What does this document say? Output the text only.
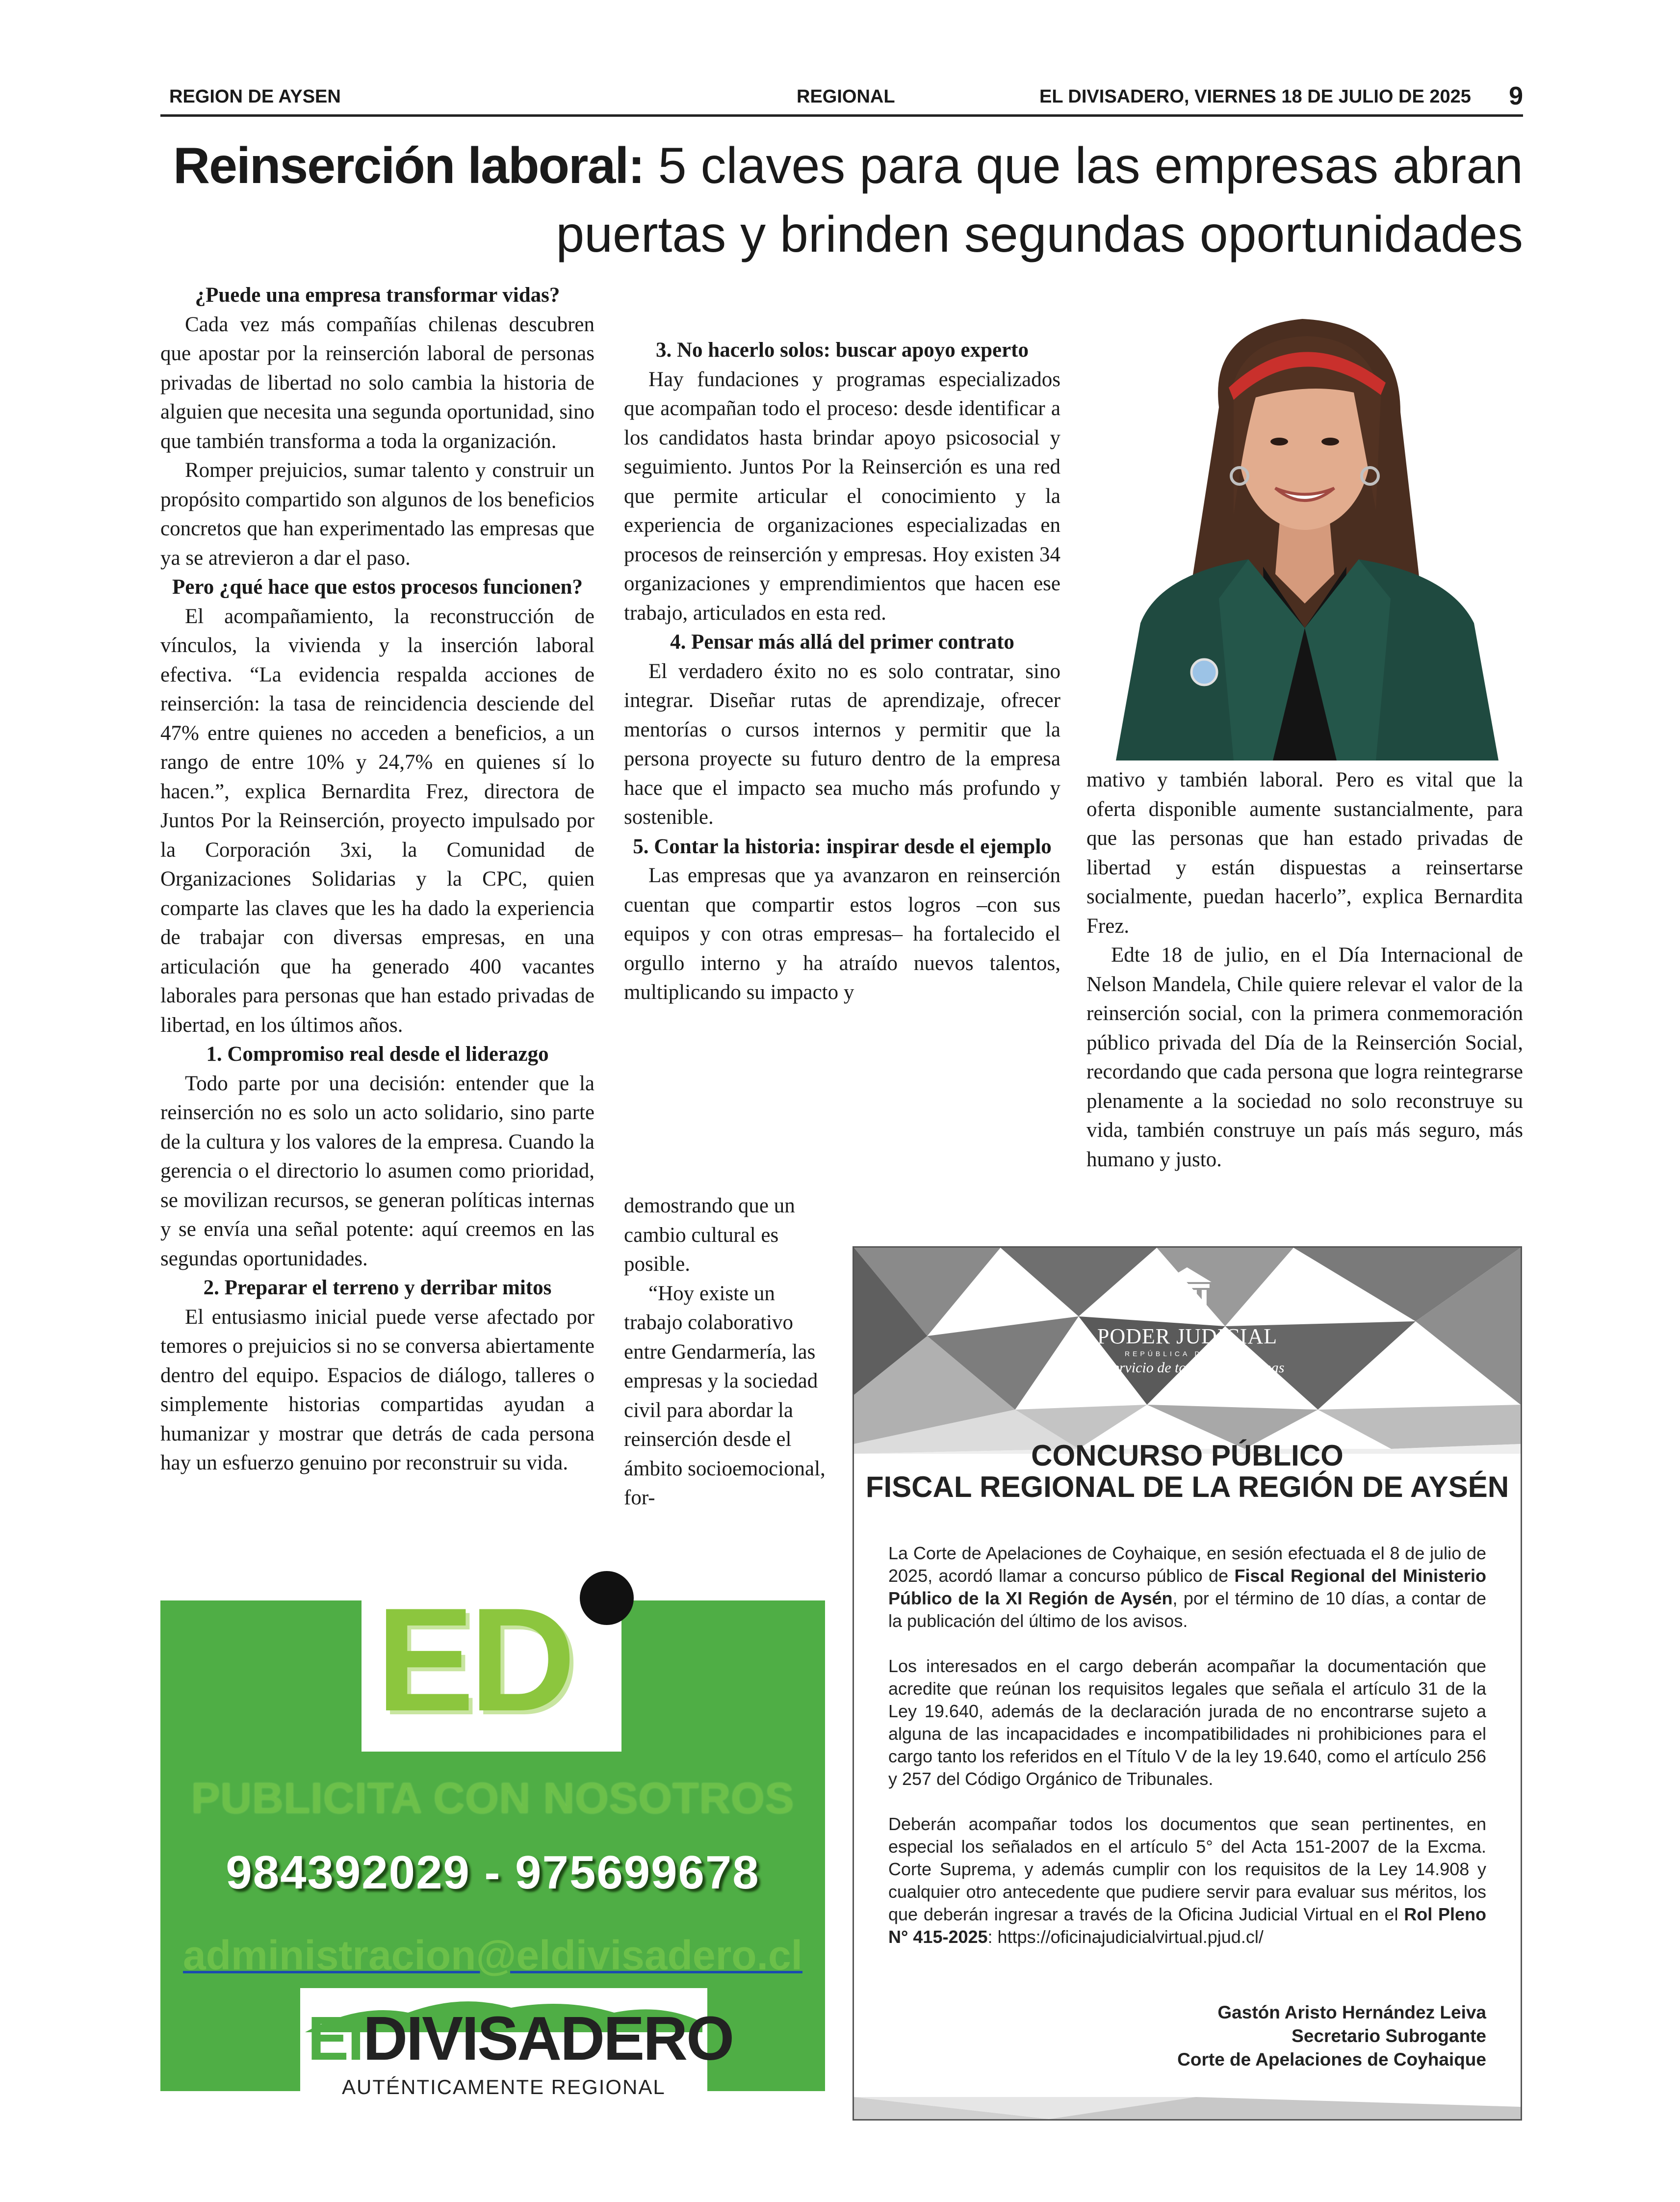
REGION DE AYSEN	REGIONAL	EL DIVISADERO, VIERNES 18 DE JULIO DE 2025 9
Reinserción laboral: 5 claves para que las empresas abran puertas y brinden segundas oportunidades
¿Puede una empresa transformar vidas?

Cada vez más compañías chilenas descubren que apostar por la reinserción laboral de personas privadas de libertad no solo cambia la historia de alguien que necesita una segunda oportunidad, sino que también transforma a toda la organización.

Romper prejuicios, sumar talento y construir un propósito compartido son algunos de los beneficios concretos que han experimentado las empresas que ya se atrevieron a dar el paso.

Pero ¿qué hace que estos procesos funcionen?

El acompañamiento, la reconstrucción de vínculos, la vivienda y la inserción laboral efectiva. “La evidencia respalda acciones de reinserción: la tasa de reincidencia desciende del 47% entre quienes no acceden a beneficios, a un rango de entre 10% y 24,7% en quienes sí lo hacen.”, explica Bernardita Frez, directora de Juntos Por la Reinserción, proyecto impulsado por la Corporación 3xi, la Comunidad de Organizaciones Solidarias y la CPC, quien comparte las claves que les ha dado la experiencia de trabajar con diversas empresas, en una articulación que ha generado 400 vacantes laborales para personas que han estado privadas de libertad, en los últimos años.

1. Compromiso real desde el liderazgo

Todo parte por una decisión: entender que la reinserción no es solo un acto solidario, sino parte de la cultura y los valores de la empresa. Cuando la gerencia o el directorio lo asumen como prioridad, se movilizan recursos, se generan políticas internas y se envía una señal potente: aquí creemos en las segundas oportunidades.

2. Preparar el terreno y derribar mitos

El entusiasmo inicial puede verse afectado por temores o prejuicios si no se conversa abiertamente dentro del equipo. Espacios de diálogo, talleres o simplemente historias compartidas ayudan a humanizar y mostrar que detrás de cada persona hay un esfuerzo genuino por reconstruir su vida.

3. No hacerlo solos: buscar apoyo experto

Hay fundaciones y programas especializados que acompañan todo el proceso: desde identificar a los candidatos hasta brindar apoyo psicosocial y seguimiento. Juntos Por la Reinserción es una red que permite articular el conocimiento y la experiencia de organizaciones especializadas en procesos de reinserción y empresas. Hoy existen 34 organizaciones y emprendimientos que hacen ese trabajo, articulados en esta red.

4. Pensar más allá del primer contrato

El verdadero éxito no es solo contratar, sino integrar. Diseñar rutas de aprendizaje, ofrecer mentorías o cursos internos y permitir que la persona proyecte su futuro dentro de la empresa hace que el impacto sea mucho más profundo y sostenible.

5. Contar la historia: inspirar desde el ejemplo

Las empresas que ya avanzaron en reinserción cuentan que compartir estos logros –con sus equipos y con otras empresas– ha fortalecido el orgullo interno y ha atraído nuevos talentos, multiplicando su impacto y

demostrando que un cambio cultural es posible.

“Hoy existe un trabajo colaborativo entre Gendarmería, las empresas y la sociedad civil para abordar la reinserción desde el ámbito socioemocional, for-

mativo y también laboral. Pero es vital que la oferta disponible aumente sustancialmente, para que las personas que han estado privadas de libertad y están dispuestas a reinsertarse socialmente, puedan hacerlo”, explica Bernardita Frez.

Edte 18 de julio, en el Día Internacional de Nelson Mandela, Chile quiere relevar el valor de la reinserción social, con la primera conmemoración público privada del Día de la Reinserción Social, recordando que cada persona que logra reintegrarse plenamente a la sociedad no solo reconstruye su vida, también construye un país más seguro, más humano y justo.

ED
PUBLICITA CON NOSOTROS
984392029 - 975699678
administracion@eldivisadero.cl
ElDIVISADERO
AUTÉNTICAMENTE REGIONAL
PODER JUDICIAL
REPÚBLICA DE CHILE
Al servicio de todas las personas
CONCURSO PÚBLICO
FISCAL REGIONAL DE LA REGIÓN DE AYSÉN

La Corte de Apelaciones de Coyhaique, en sesión efectuada el 8 de julio de 2025, acordó llamar a concurso público de Fiscal Regional del Ministerio Público de la XI Región de Aysén, por el término de 10 días, a contar de la publicación del último de los avisos.

Los interesados en el cargo deberán acompañar la documentación que acredite que reúnan los requisitos legales que señala el artículo 31 de la Ley 19.640, además de la declaración jurada de no encontrarse sujeto a alguna de las incapacidades e incompatibilidades ni prohibiciones para el cargo tanto los referidos en el Título V de la ley 19.640, como el artículo 256 y 257 del Código Orgánico de Tribunales.

Deberán acompañar todos los documentos que sean pertinentes, en especial los señalados en el artículo 5° del Acta 151-2007 de la Excma. Corte Suprema, y además cumplir con los requisitos de la Ley 14.908 y cualquier otro antecedente que pudiere servir para evaluar sus méritos, los que deberán ingresar a través de la Oficina Judicial Virtual en el Rol Pleno N° 415-2025: https://oficinajudicialvirtual.pjud.cl/

Gastón Aristo Hernández Leiva
Secretario Subrogante
Corte de Apelaciones de Coyhaique
